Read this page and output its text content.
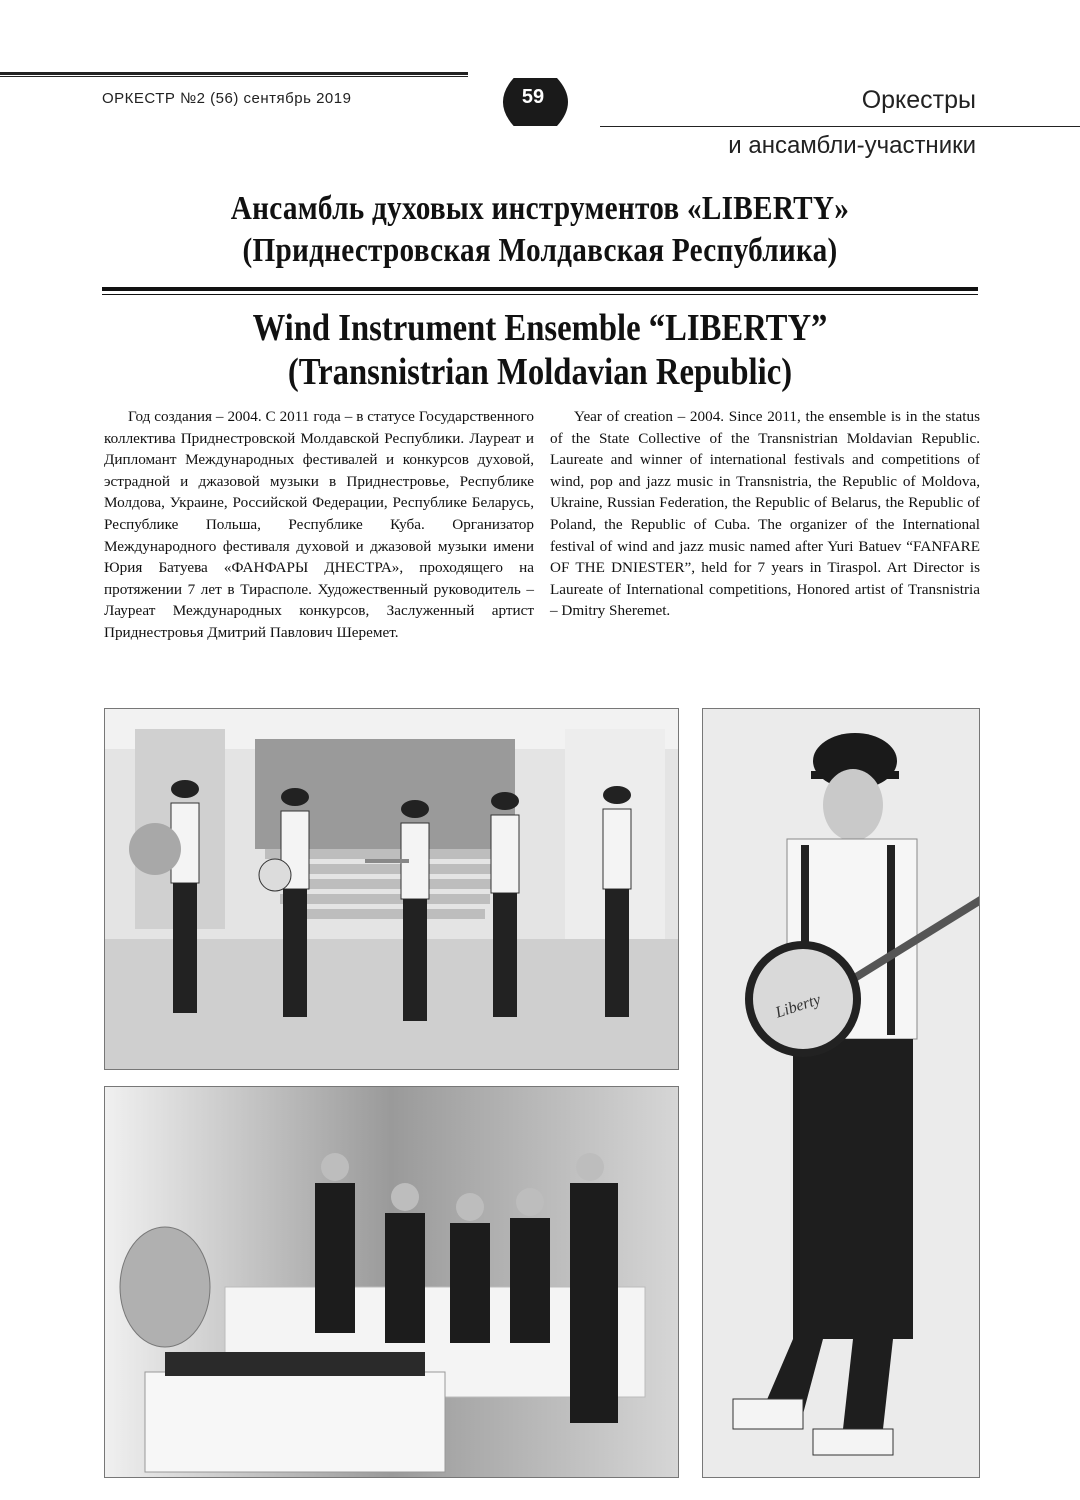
ОРКЕСТР №2 (56) сентябрь 2019	59	Оркестры
и ансамбли-участники
Ансамбль духовых инструментов «LIBERTY»
(Приднестровская Молдавская Республика)
Wind Instrument Ensemble “LIBERTY”
(Transnistrian Moldavian Republic)

Год создания – 2004. С 2011 года – в статусе Государственного коллектива Приднестровской Молдавской Республики. Лауреат и Дипломант Международных фестивалей и конкурсов духовой, эстрадной и джазовой музыки в Приднестровье, Республике Молдова, Украине, Российской Федерации, Республике Беларусь, Республике Польша, Республике Куба. Организатор Международного фестиваля духовой и джазовой музыки имени Юрия Батуева «ФАНФАРЫ ДНЕСТРА», проходящего на протяжении 7 лет в Тирасполе. Художественный руководитель – Лауреат Международных конкурсов, Заслуженный артист Приднестровья Дмитрий Павлович Шеремет.

Year of creation – 2004. Since 2011, the ensemble is in the status of the State Collective of the Transnistrian Moldavian Republic. Laureate and winner of international festivals and competitions of wind, pop and jazz music in Transnistria, the Republic of Moldova, Ukraine, Russian Federation, the Republic of Belarus, the Republic of Poland, the Republic of Cuba. The organizer of the International festival of wind and jazz music named after Yuri Batuev “FANFARE OF THE DNIESTER”, held for 7 years in Tiraspol. Art Director is Laureate of International competitions, Honored artist of Transnistria – Dmitry Sheremet.

Liberty
